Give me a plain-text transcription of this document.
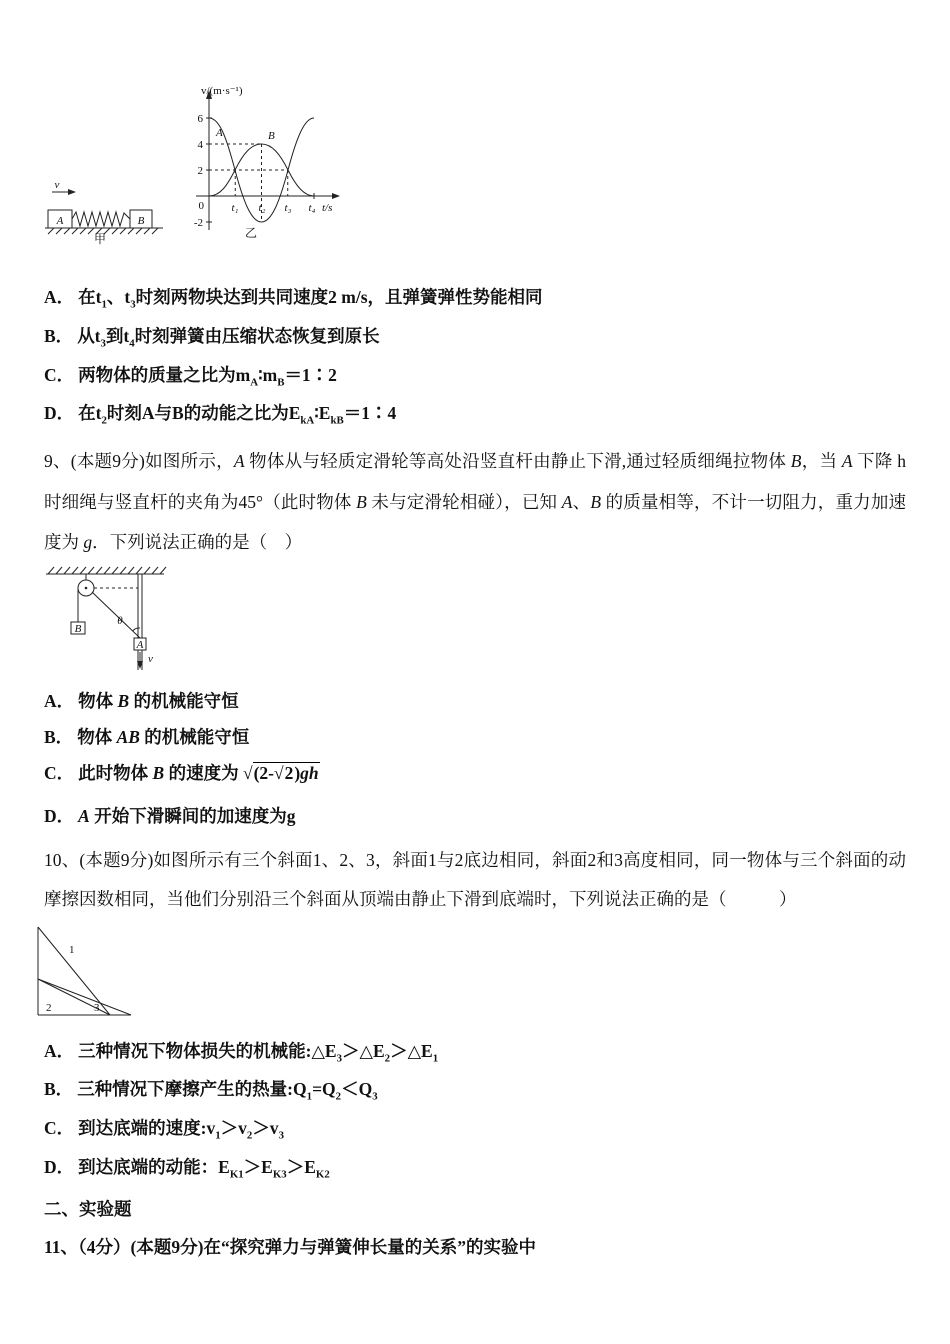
v
A	B
甲
v/(m·s⁻¹)
6
4
2
0
-2
t₁ t₂ t₃ t₄ t/s
A	B
乙
A． 在$t_1$、$t_3$时刻两物块达到共同速度2 m/s，且弹簧弹性势能相同
B． 从$t_3$到$t_4$时刻弹簧由压缩状态恢复到原长
C． 两物体的质量之比为$m_A∶m_B=1∶2$
D． 在$t_2$时刻A与B的动能之比为$E_{kA}∶E_{kB}=1∶4$

9、(本题9分)如图所示，A 物体从与轻质定滑轮等高处沿竖直杆由静止下滑,通过轻质细绳拉物体 B，当 A 下降 h 时细绳与竖直杆的夹角为45°（此时物体 B 未与定滑轮相碰），已知 A、B 的质量相等，不计一切阻力，重力加速度为 g．下列说法正确的是（　）

B
A
θ
v
A． 物体 B 的机械能守恒
B． 物体 AB 的机械能守恒
C． 此时物体 B 的速度为 √(2-√2)gh
D． A 开始下滑瞬间的加速度为g

10、(本题9分)如图所示有三个斜面1、2、3，斜面1与2底边相同，斜面2和3高度相同，同一物体与三个斜面的动摩擦因数相同，当他们分别沿三个斜面从顶端由静止下滑到底端时，下列说法正确的是（　　　）

1
2	3
A． 三种情况下物体损失的机械能$:\triangle E_3>\triangle E_2>\triangle E_1$
B． 三种情况下摩擦产生的热量$:Q_1=Q_2<Q_3$
C． 到达底端的速度$:v_1>v_2>v_3$
D． 到达底端的动能：$E_{K1}>E_{K3}>E_{K2}$
二、实验题

11、（4分）(本题9分)在“探究弹力与弹簧伸长量的关系”的实验中
